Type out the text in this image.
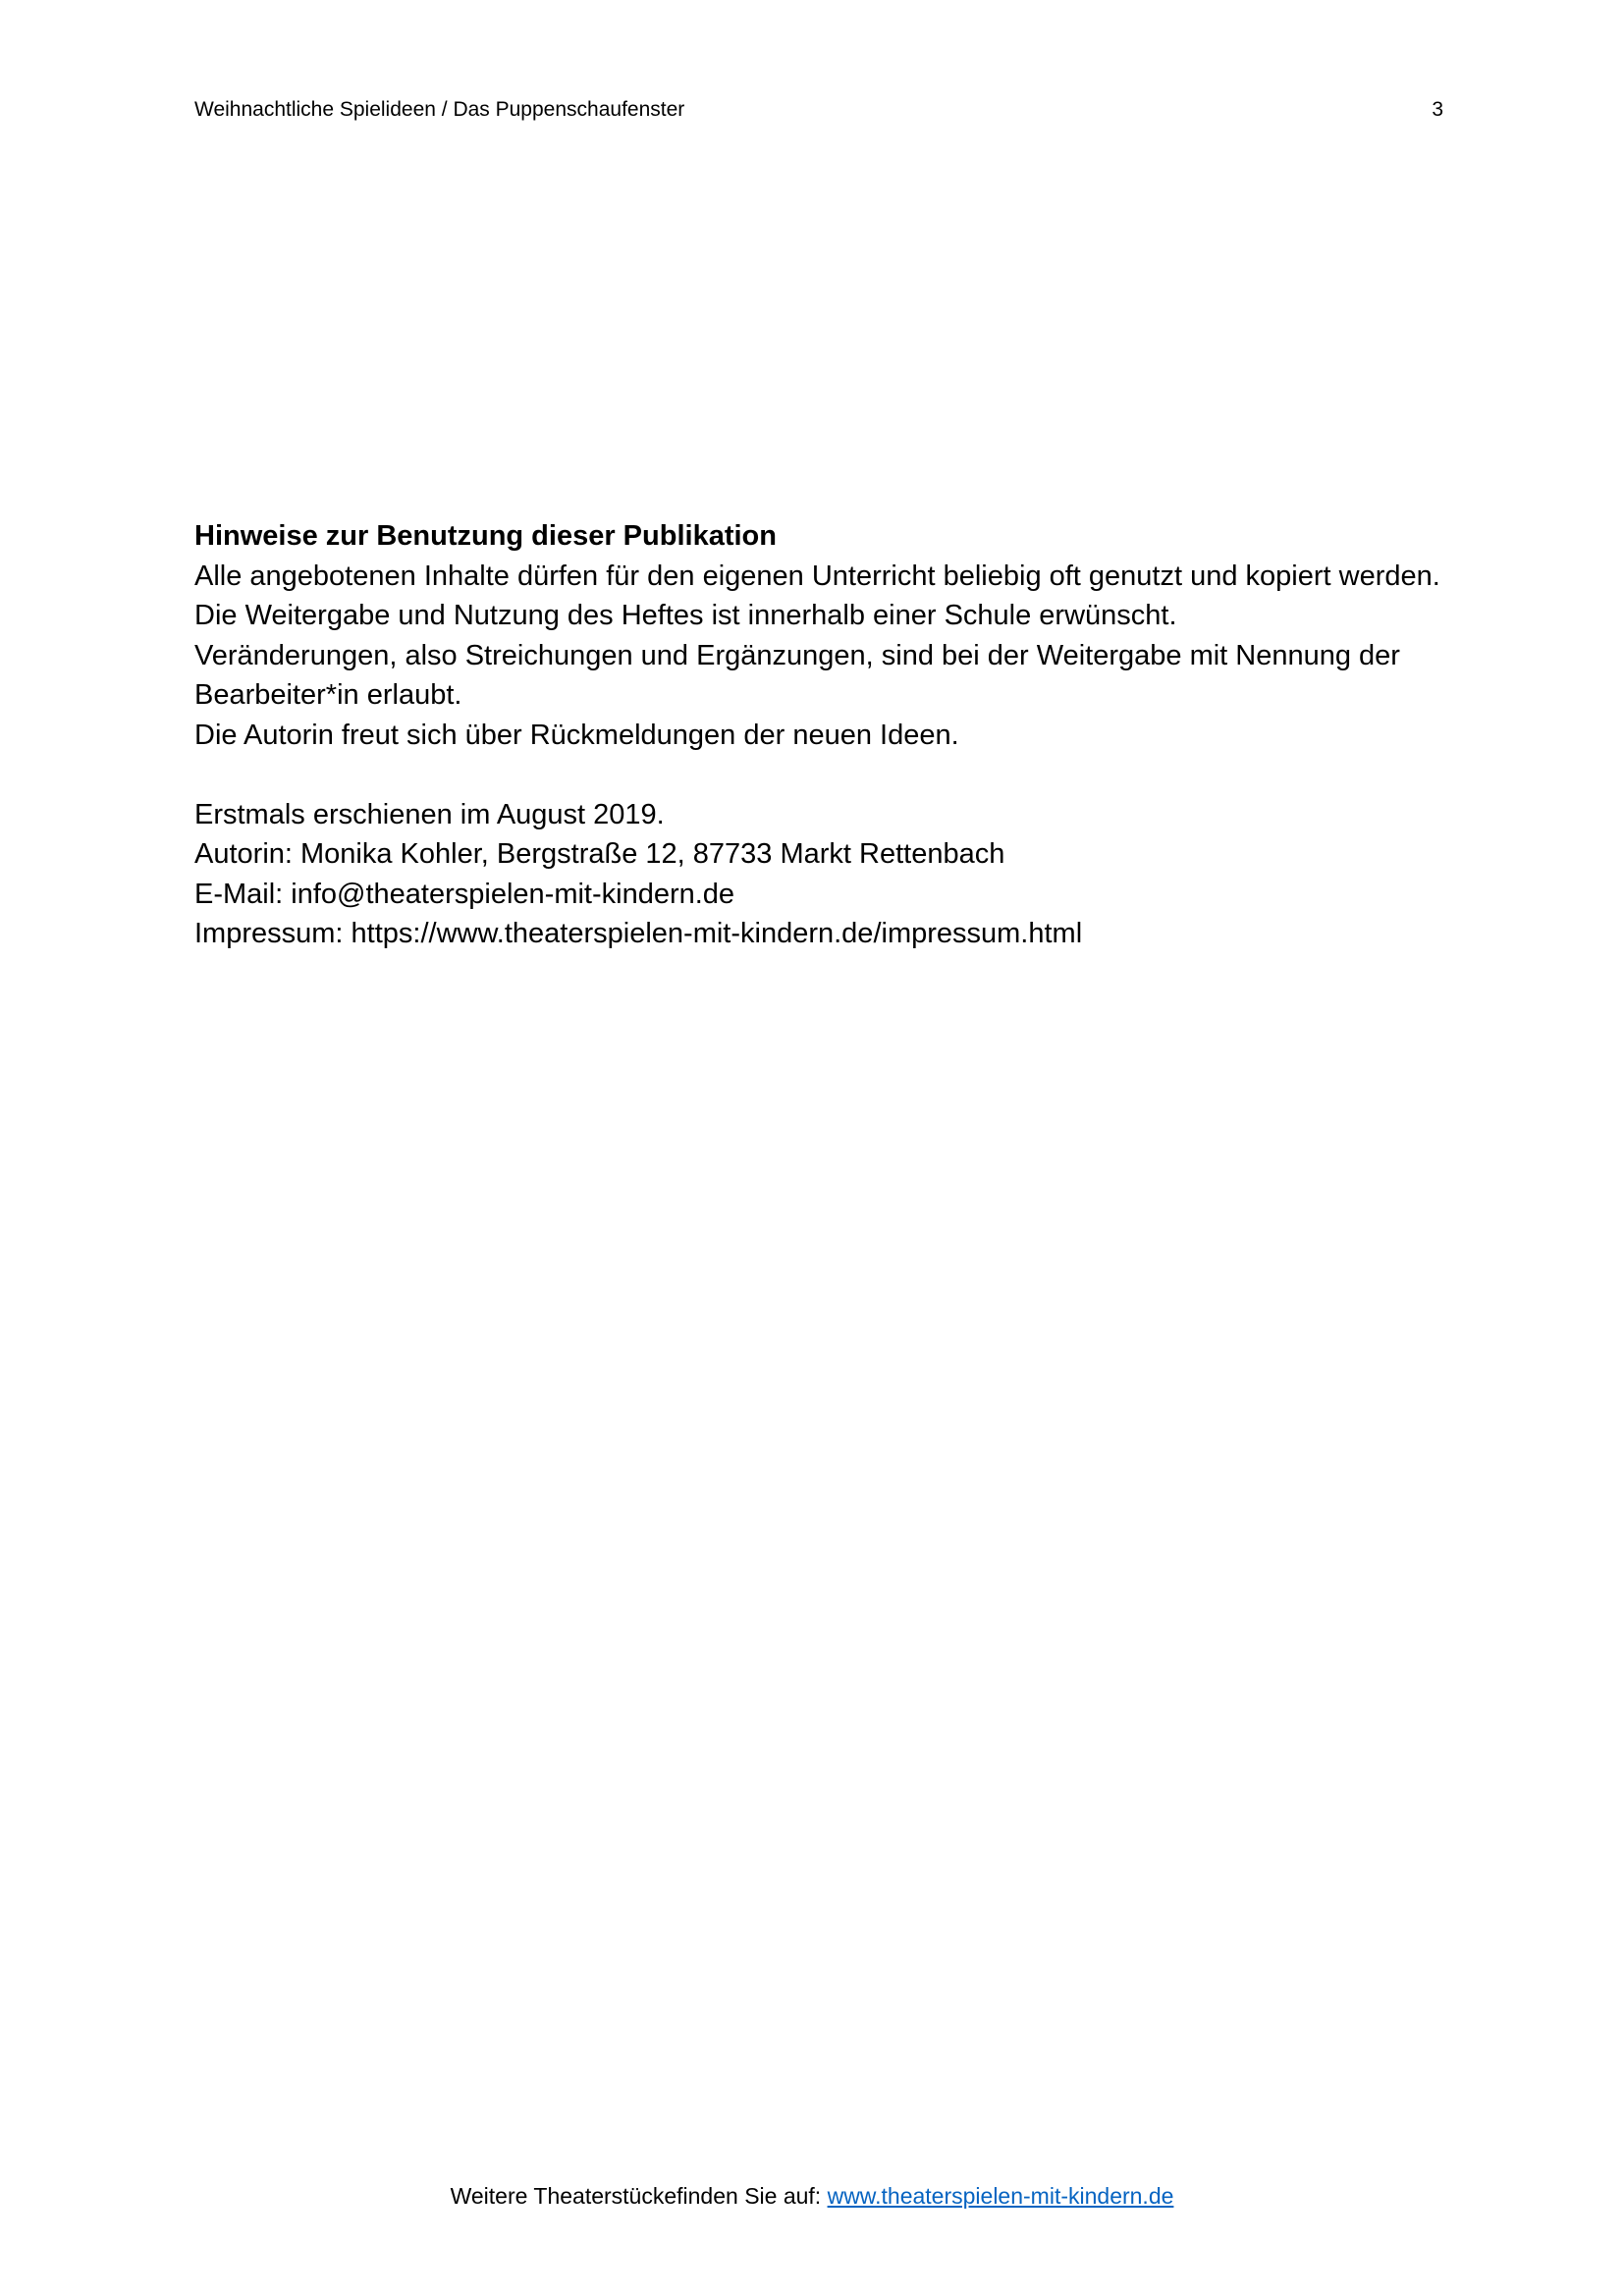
Weihnachtliche Spielideen / Das Puppenschaufenster	3

Hinweise zur Benutzung dieser Publikation

Alle angebotenen Inhalte dürfen für den eigenen Unterricht beliebig oft genutzt und kopiert werden.

Die Weitergabe und Nutzung des Heftes ist innerhalb einer Schule erwünscht.

Veränderungen, also Streichungen und Ergänzungen, sind bei der Weitergabe mit Nennung der Bearbeiter*in erlaubt.

Die Autorin freut sich über Rückmeldungen der neuen Ideen.

Erstmals erschienen im August 2019.

Autorin: Monika Kohler, Bergstraße 12, 87733 Markt Rettenbach

E-Mail: info@theaterspielen-mit-kindern.de

Impressum: https://www.theaterspielen-mit-kindern.de/impressum.html

Weitere Theaterstückefinden Sie auf: www.theaterspielen-mit-kindern.de
